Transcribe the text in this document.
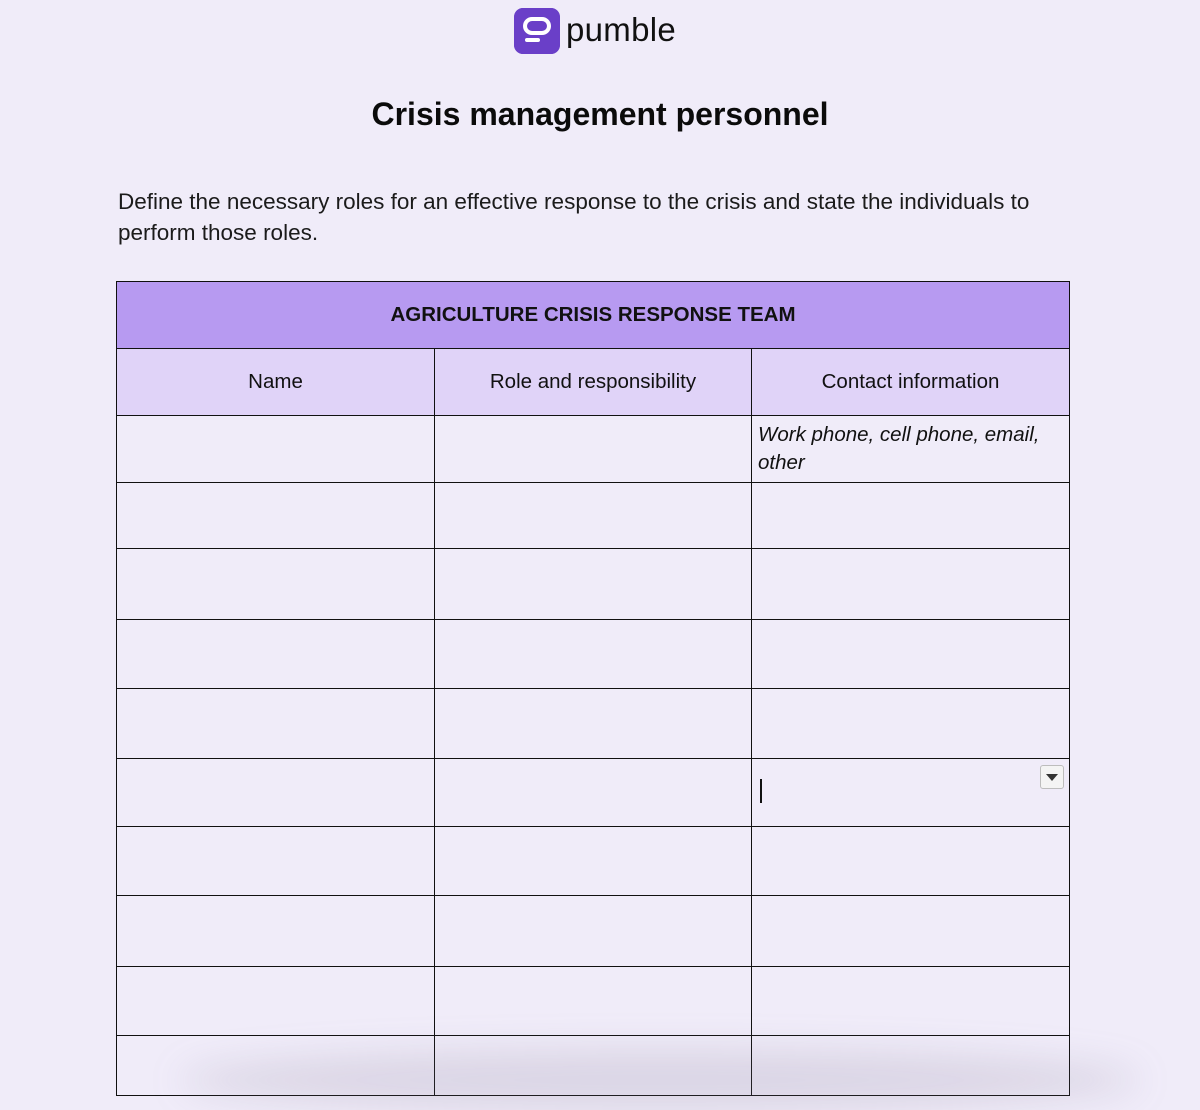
pumble
Crisis management personnel

Define the necessary roles for an effective response to the crisis and state the individuals to perform those roles.

AGRICULTURE CRISIS RESPONSE TEAM		
Name	Role and responsibility	Contact information

		Work phone, cell phone, email, other
